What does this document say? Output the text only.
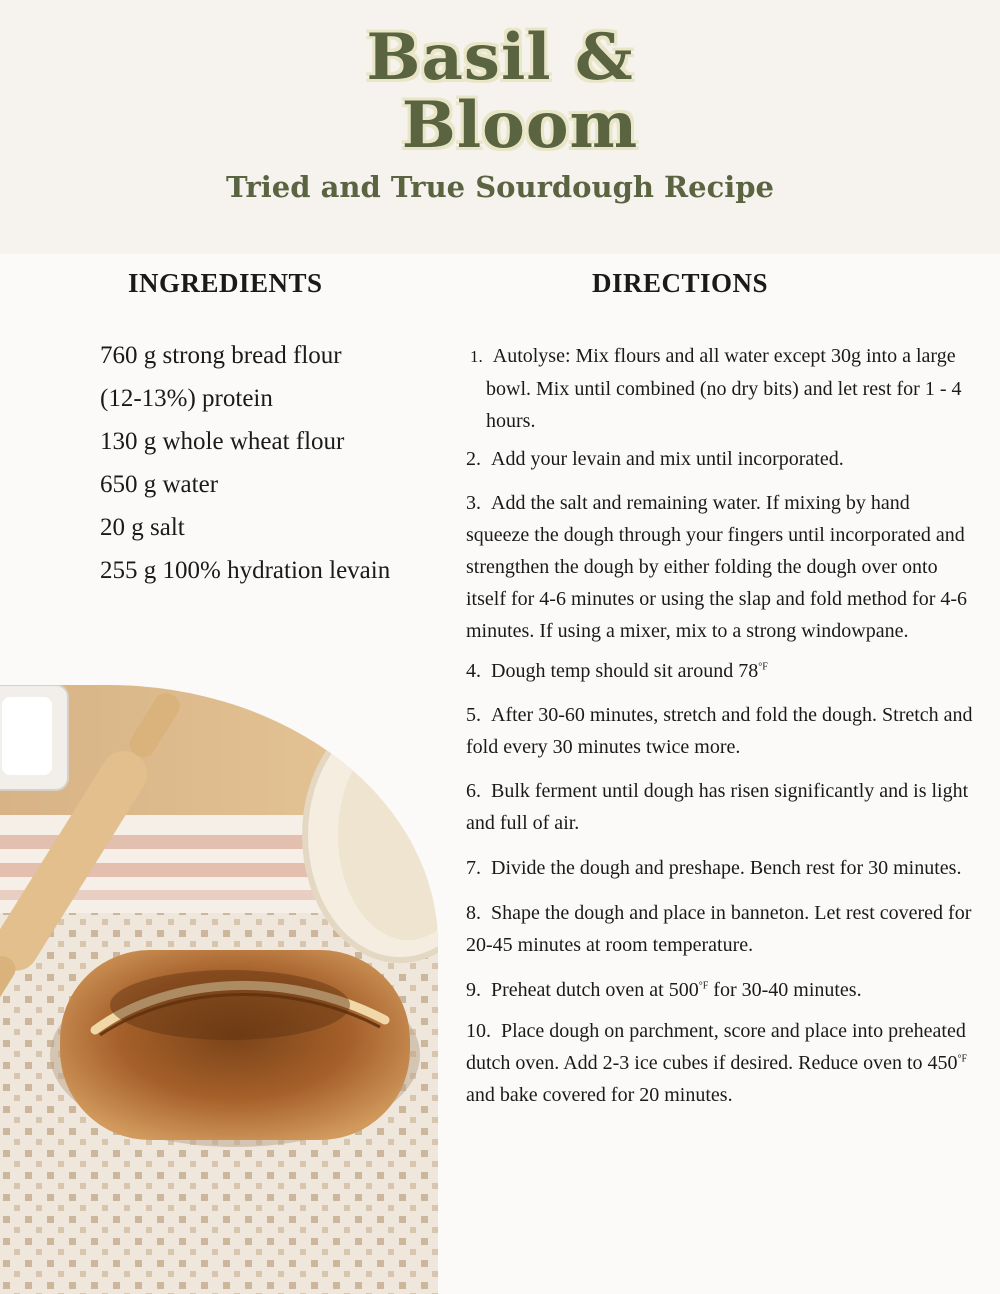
Basil &
Bloom
Tried and True Sourdough Recipe
INGREDIENTS	DIRECTIONS
760 g strong bread flour
(12-13%) protein
130 g whole wheat flour
650 g water
20 g salt
255 g 100% hydration levain

1. Autolyse: Mix flours and all water except 30g into a large bowl. Mix until combined (no dry bits) and let rest for 1 - 4 hours.

2. Add your levain and mix until incorporated.

3. Add the salt and remaining water. If mixing by hand squeeze the dough through your fingers until incorporated and strengthen the dough by either folding the dough over onto itself for 4-6 minutes or using the slap and fold method for 4-6 minutes. If using a mixer, mix to a strong windowpane.

4. Dough temp should sit around $78^{^\circ F}$

5. After 30-60 minutes, stretch and fold the dough. Stretch and fold every 30 minutes twice more.

6. Bulk ferment until dough has risen significantly and is light and full of air.

7. Divide the dough and preshape. Bench rest for 30 minutes.

8. Shape the dough and place in banneton. Let rest covered for 20-45 minutes at room temperature.

9. Preheat dutch oven at $500^{^\circ F}$ for 30-40 minutes.

10. Place dough on parchment, score and place into preheated dutch oven. Add 2-3 ice cubes if desired. Reduce oven to $450^{^\circ F}$ and bake covered for 20 minutes.
